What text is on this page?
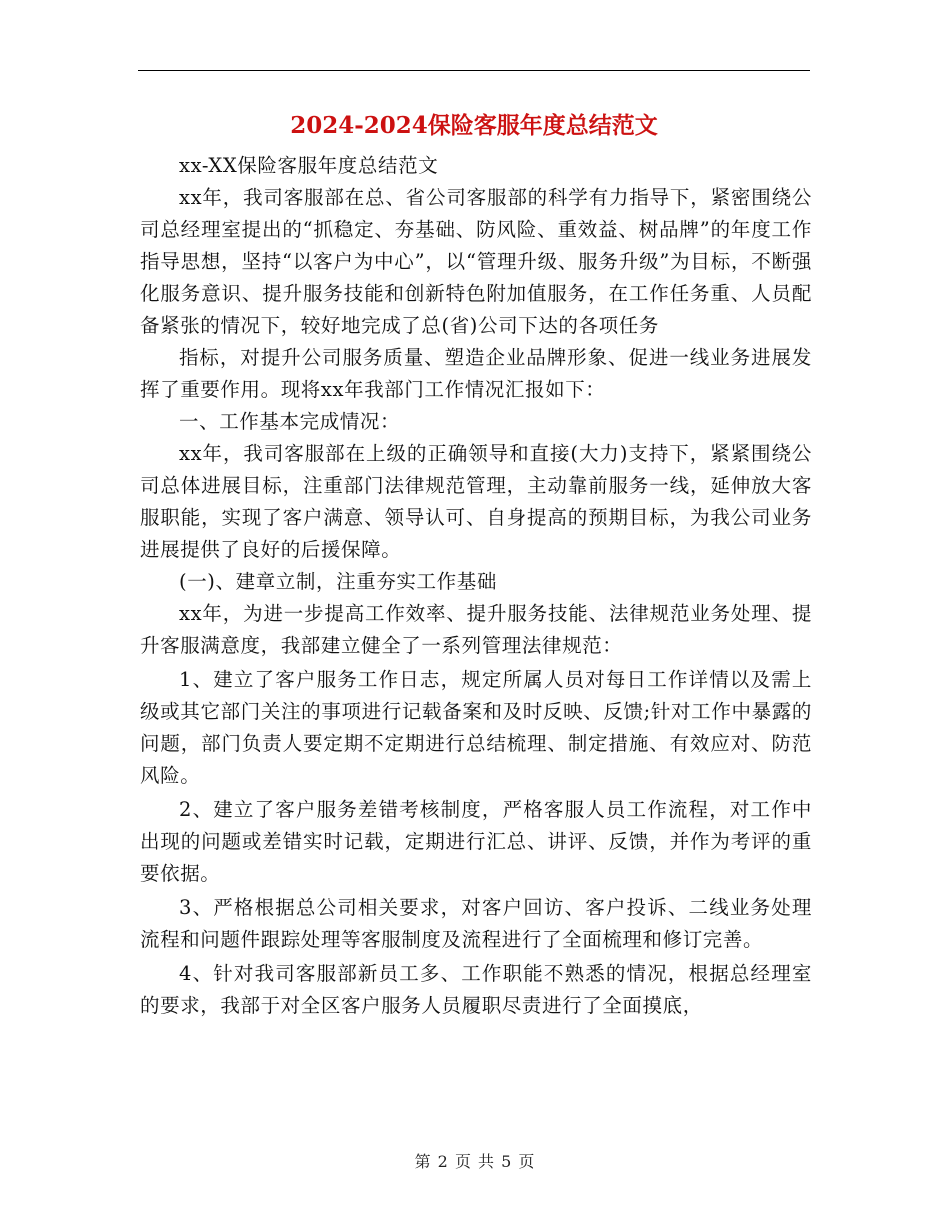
2024-2024保险客服年度总结范文

xx-XX保险客服年度总结范文

xx年，我司客服部在总、省公司客服部的科学有力指导下，紧密围绕公司总经理室提出的“抓稳定、夯基础、防风险、重效益、树品牌”的年度工作指导思想，坚持“以客户为中心”，以“管理升级、服务升级”为目标，不断强化服务意识、提升服务技能和创新特色附加值服务，在工作任务重、人员配备紧张的情况下，较好地完成了总(省)公司下达的各项任务

指标，对提升公司服务质量、塑造企业品牌形象、促进一线业务进展发挥了重要作用。现将xx年我部门工作情况汇报如下：

一、工作基本完成情况：

xx年，我司客服部在上级的正确领导和直接(大力)支持下，紧紧围绕公司总体进展目标，注重部门法律规范管理，主动靠前服务一线，延伸放大客服职能，实现了客户满意、领导认可、自身提高的预期目标，为我公司业务进展提供了良好的后援保障。

(一)、建章立制，注重夯实工作基础

xx年，为进一步提高工作效率、提升服务技能、法律规范业务处理、提升客服满意度，我部建立健全了一系列管理法律规范：

1、建立了客户服务工作日志，规定所属人员对每日工作详情以及需上级或其它部门关注的事项进行记载备案和及时反映、反馈;针对工作中暴露的问题，部门负责人要定期不定期进行总结梳理、制定措施、有效应对、防范风险。

2、建立了客户服务差错考核制度，严格客服人员工作流程，对工作中出现的问题或差错实时记载，定期进行汇总、讲评、反馈，并作为考评的重要依据。

3、严格根据总公司相关要求，对客户回访、客户投诉、二线业务处理流程和问题件跟踪处理等客服制度及流程进行了全面梳理和修订完善。

4、针对我司客服部新员工多、工作职能不熟悉的情况，根据总经理室的要求，我部于对全区客户服务人员履职尽责进行了全面摸底，

第 2 页 共 5 页
